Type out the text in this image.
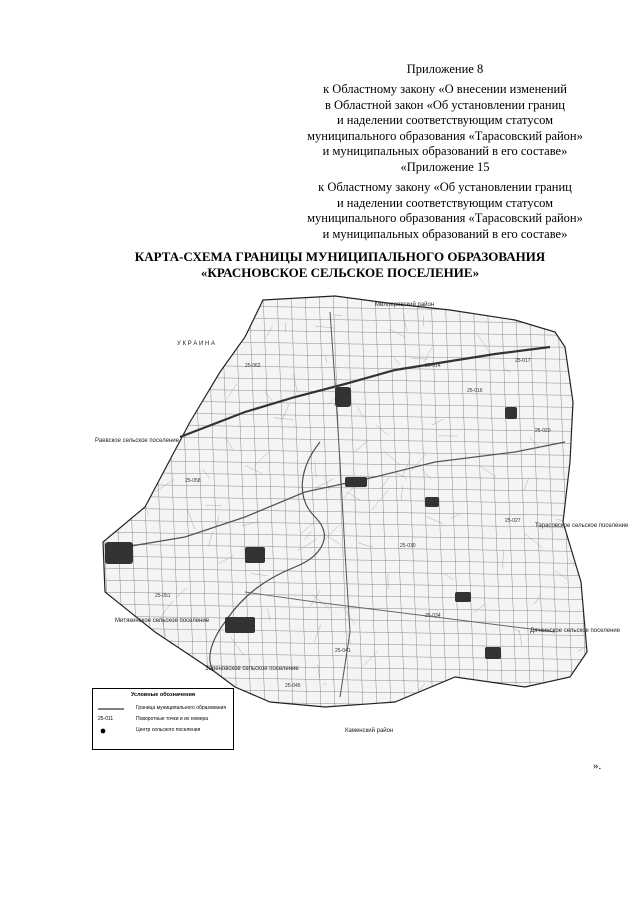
Приложение 8
к Областному закону «О внесении изменений
в Областной закон «Об установлении границ
и наделении соответствующим статусом
муниципального образования «Тарасовский район»
и муниципальных образований в его составе»
«Приложение 15
к Областному закону «Об установлении границ
и наделении соответствующим статусом
муниципального образования «Тарасовский район»
и муниципальных образований в его составе»
КАРТА-СХЕМА ГРАНИЦЫ МУНИЦИПАЛЬНОГО ОБРАЗОВАНИЯ
«КРАСНОВСКОЕ СЕЛЬСКОЕ ПОСЕЛЕНИЕ»
25-014
25-016
25-017
25-020
25-027
25-030
25-034
25-041
25-045
25-051
25-058
25-062
У К Р А И Н А
Миллеровский район
Каменский район
Раевское сельское поселение
Тарасовское сельское поселение
Дячкинское сельское поселение
Митякинское сельское поселение
Зеленовское сельское поселение
Условные обозначения
Граница муниципального образования
25-011	Поворотные точки и их номера
Центр сельского поселения
».
